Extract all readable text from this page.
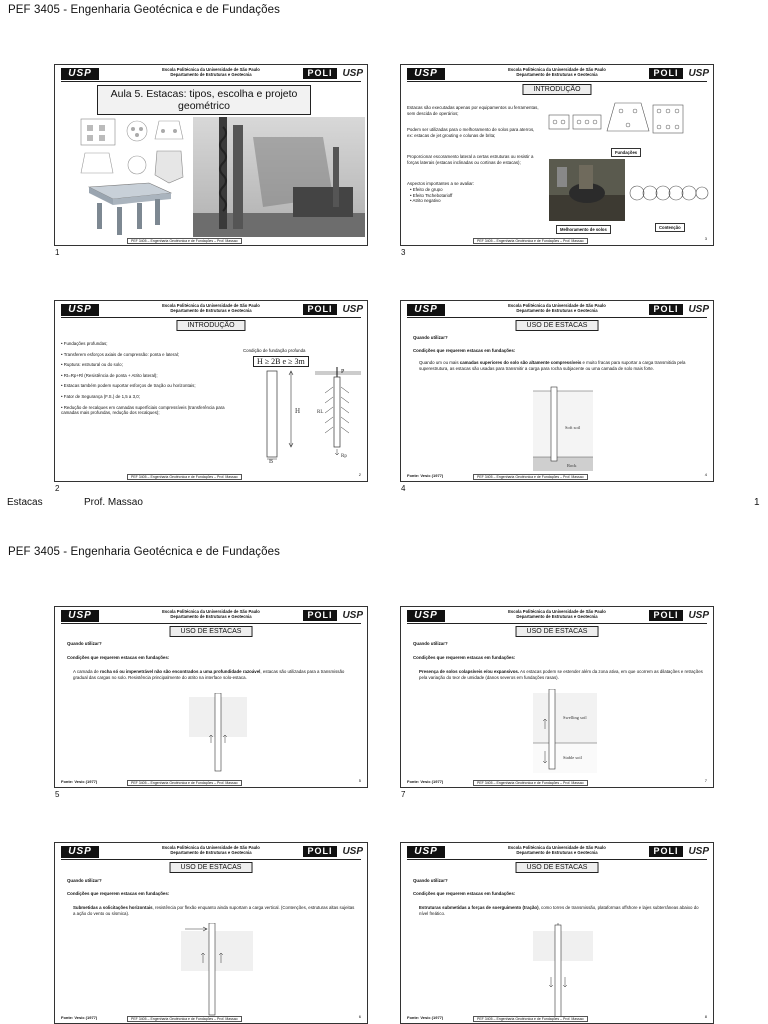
PEF 3405 - Engenharia Geotécnica e de Fundações
PEF 3405 - Engenharia Geotécnica e de Fundações
Estacas	Prof. Massao	1
USP	Escola Politécnica da Universidade de São Paulo
Departamento de Estruturas e Geotecnia	POLI USP
Aula 5. Estacas: tipos, escolha e projeto geométrico
PEF 3405 – Engenharia Geotécnica e de Fundações – Prof. Massao
1
USP	Escola Politécnica da Universidade de São Paulo
Departamento de Estruturas e Geotecnia	POLI USP
INTRODUÇÃO
Estacas são executadas apenas por equipamentos ou ferramentas, sem descida de operários;
Podem ser utilizadas para o melhoramento de solos para aterros, ex: estacas de jet grouting e colunas de brita;
Proporcionar escoramento lateral a certas estruturas ou resistir a forças laterais (estacas inclinadas ou cortinas de estacas);
Aspectos importantes a se avaliar:
• Efeito de grupo
• Efeito Tschebotarioff
• Atrito negativo
Fundações
Melhoramento de solos	Contenção
PEF 3405 – Engenharia Geotécnica e de Fundações – Prof. Massao	3
3
USP	Escola Politécnica da Universidade de São Paulo
Departamento de Estruturas e Geotecnia	POLI USP
INTRODUÇÃO
• Fundações profundas;
• Transferem esforços axiais de compressão: ponta e lateral;
• Ruptura: estrutural ou do solo;
• Rt=Rp+Rl (Resistência de ponta + Atrito lateral);
• Estacas também podem suportar esforços de tração ou horizontais;
• Fator de Segurança (F.S.) de 1,5 a 3,0;
• Redução de recalques em camadas superficiais compressíveis (transferência para camadas mais profundas, redução dos recalques);
Condição de fundação profunda
H ≥ 2B e ≥ 3m
H
B
P
RL
Rp
PEF 3405 – Engenharia Geotécnica e de Fundações – Prof. Massao	2
2
USP	Escola Politécnica da Universidade de São Paulo
Departamento de Estruturas e Geotecnia	POLI USP
USO DE ESTACAS
Quando utilizar?
Condições que requerem estacas em fundações:
Quando um ou mais camadas superiores do solo são altamente compressíveis e muito fracas para suportar a carga transmitida pela superestrutura, as estacas são usadas para transmitir a carga para rocha subjacente ou uma camada de solo mais forte.
Soft soil
Rock
Fonte: Vesic (1977)	PEF 3405 – Engenharia Geotécnica e de Fundações – Prof. Massao	4
4
USP	Escola Politécnica da Universidade de São Paulo
Departamento de Estruturas e Geotecnia	POLI USP
USO DE ESTACAS
Quando utilizar?
Condições que requerem estacas em fundações:
A camada de rocha só ou impenetrável não são encontrados a uma profundidade razoável, estacas são utilizadas para a transmissão gradual das cargas no solo. Resistência principalmente do atrito na interface solo-estaca.
Fonte: Vesic (1977)	PEF 3405 – Engenharia Geotécnica e de Fundações – Prof. Massao	5
5
USP	Escola Politécnica da Universidade de São Paulo
Departamento de Estruturas e Geotecnia	POLI USP
USO DE ESTACAS
Quando utilizar?
Condições que requerem estacas em fundações:
Presença de solos colapsíveis e/ou expansivos. As estacas podem se estender além da zona ativa, em que ocorrem as dilatações e retrações pela variação do teor de umidade (danos severos em fundações rasas).
Swelling soil
Stable soil
Fonte: Vesic (1977)	PEF 3405 – Engenharia Geotécnica e de Fundações – Prof. Massao	7
7
USP	Escola Politécnica da Universidade de São Paulo
Departamento de Estruturas e Geotecnia	POLI USP
USO DE ESTACAS
Quando utilizar?
Condições que requerem estacas em fundações:
Submetidas a solicitações horizontais, resistência por flexão enquanto ainda suportam a carga vertical. (Contenções, estruturas altas sujeitas a ação do vento ou sísmica).
Fonte: Vesic (1977)	PEF 3405 – Engenharia Geotécnica e de Fundações – Prof. Massao	6
USP	Escola Politécnica da Universidade de São Paulo
Departamento de Estruturas e Geotecnia	POLI USP
USO DE ESTACAS
Quando utilizar?
Condições que requerem estacas em fundações:
Estruturas submetidas a forças de soerguimento (tração), como torres de transmissão, plataformas offshore e lajes subterrâneas abaixo do nível freático.
Fonte: Vesic (1977)	PEF 3405 – Engenharia Geotécnica e de Fundações – Prof. Massao	8
